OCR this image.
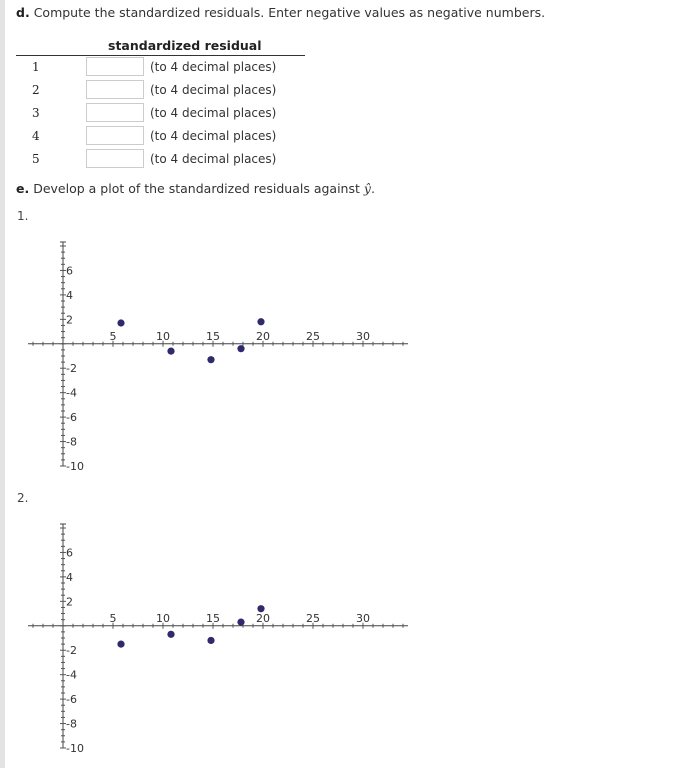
d. Compute the standardized residuals. Enter negative values as negative numbers.
standardized residual
1	(to 4 decimal places)
2	(to 4 decimal places)
3	(to 4 decimal places)
4	(to 4 decimal places)
5	(to 4 decimal places)
e. Develop a plot of the standardized residuals against ŷ.
1.
5	10	15	20	25	30
-10
-8
-6
-4
-2
2
4
6
2.
5	10	15	20	25	30
-10
-8
-6
-4
-2
2
4
6
